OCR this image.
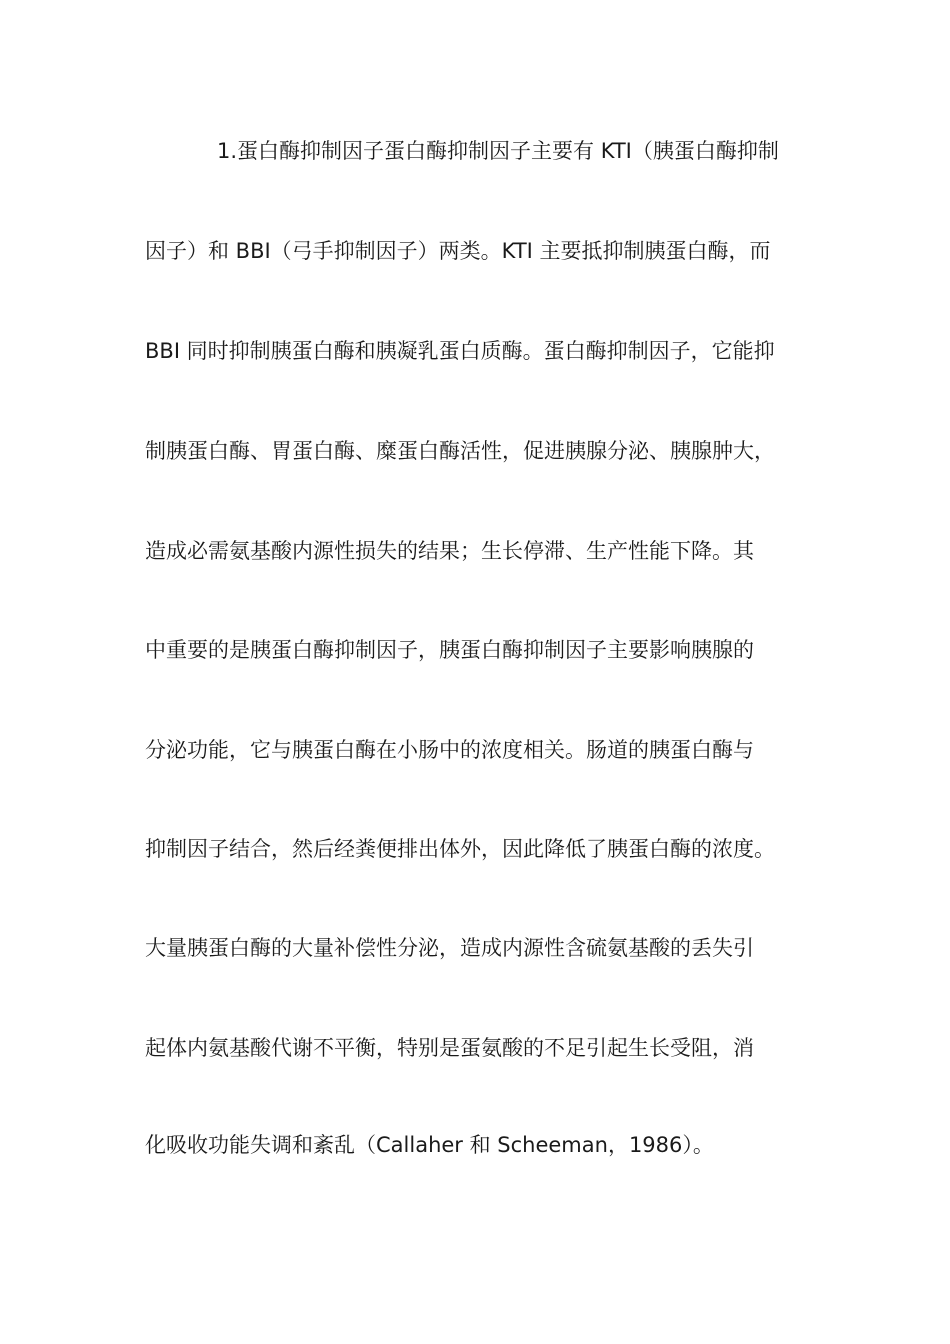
1.蛋白酶抑制因子蛋白酶抑制因子主要有 KTI（胰蛋白酶抑制
因子）和 BBI（弓手抑制因子）两类。KTI 主要抵抑制胰蛋白酶，而
BBI 同时抑制胰蛋白酶和胰凝乳蛋白质酶。蛋白酶抑制因子，它能抑
制胰蛋白酶、胃蛋白酶、糜蛋白酶活性，促进胰腺分泌、胰腺肿大，
造成必需氨基酸内源性损失的结果；生长停滞、生产性能下降。其
中重要的是胰蛋白酶抑制因子，胰蛋白酶抑制因子主要影响胰腺的
分泌功能，它与胰蛋白酶在小肠中的浓度相关。肠道的胰蛋白酶与
抑制因子结合，然后经粪便排出体外，因此降低了胰蛋白酶的浓度。
大量胰蛋白酶的大量补偿性分泌，造成内源性含硫氨基酸的丢失引
起体内氨基酸代谢不平衡，特别是蛋氨酸的不足引起生长受阻，消
化吸收功能失调和紊乱（Callaher 和 Scheeman，1986）。
